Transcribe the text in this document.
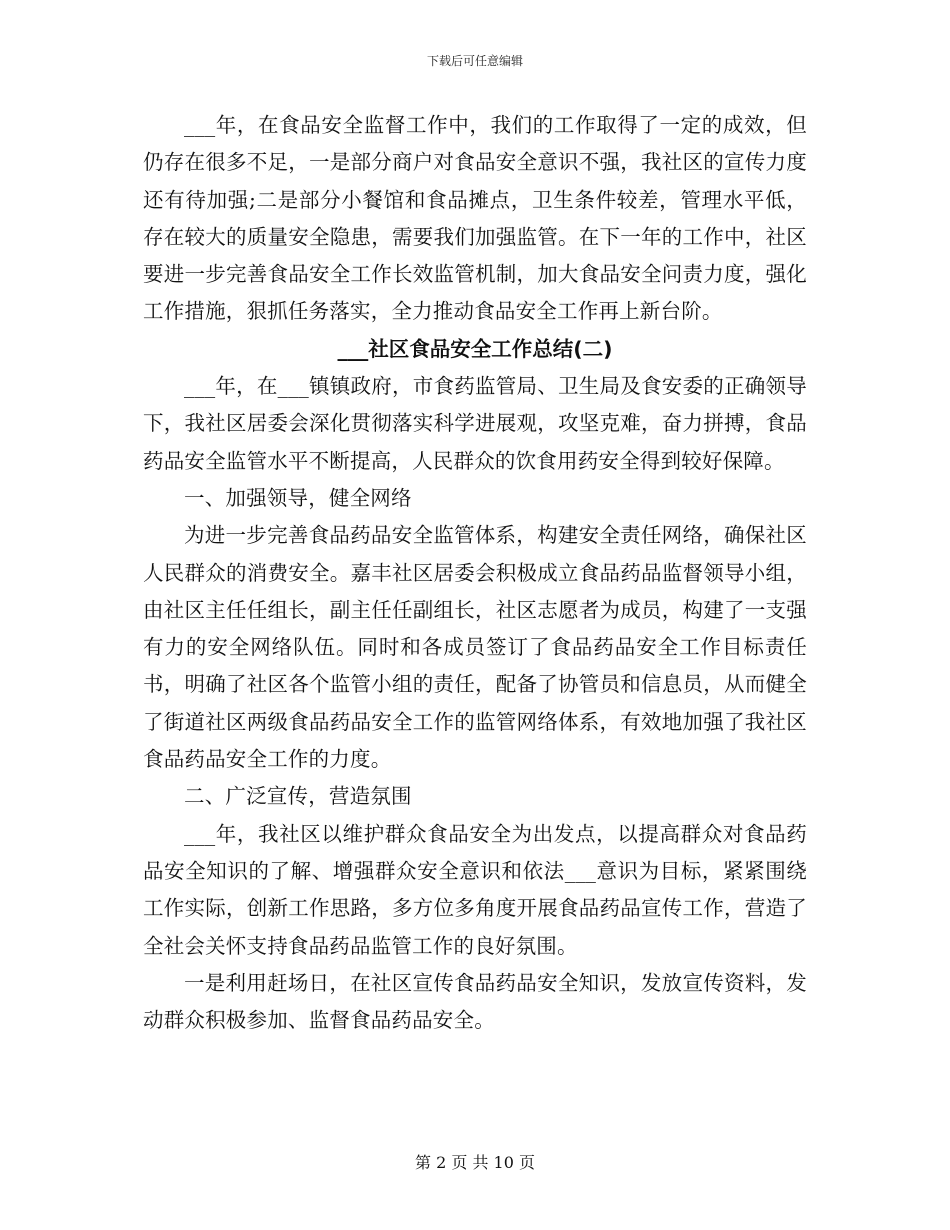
下载后可任意编辑

___年，在食品安全监督工作中，我们的工作取得了一定的成效，但仍存在很多不足，一是部分商户对食品安全意识不强，我社区的宣传力度还有待加强;二是部分小餐馆和食品摊点，卫生条件较差，管理水平低，存在较大的质量安全隐患，需要我们加强监管。在下一年的工作中，社区要进一步完善食品安全工作长效监管机制，加大食品安全问责力度，强化工作措施，狠抓任务落实，全力推动食品安全工作再上新台阶。

___社区食品安全工作总结(二)

___年，在___镇镇政府，市食药监管局、卫生局及食安委的正确领导下，我社区居委会深化贯彻落实科学进展观，攻坚克难，奋力拼搏，食品药品安全监管水平不断提高，人民群众的饮食用药安全得到较好保障。

一、加强领导，健全网络

为进一步完善食品药品安全监管体系，构建安全责任网络，确保社区人民群众的消费安全。嘉丰社区居委会积极成立食品药品监督领导小组，由社区主任任组长，副主任任副组长，社区志愿者为成员，构建了一支强有力的安全网络队伍。同时和各成员签订了食品药品安全工作目标责任书，明确了社区各个监管小组的责任，配备了协管员和信息员，从而健全了街道社区两级食品药品安全工作的监管网络体系，有效地加强了我社区食品药品安全工作的力度。

二、广泛宣传，营造氛围

___年，我社区以维护群众食品安全为出发点，以提高群众对食品药品安全知识的了解、增强群众安全意识和依法___意识为目标，紧紧围绕工作实际，创新工作思路，多方位多角度开展食品药品宣传工作，营造了全社会关怀支持食品药品监管工作的良好氛围。

一是利用赶场日，在社区宣传食品药品安全知识，发放宣传资料，发动群众积极参加、监督食品药品安全。

第 2 页 共 10 页
